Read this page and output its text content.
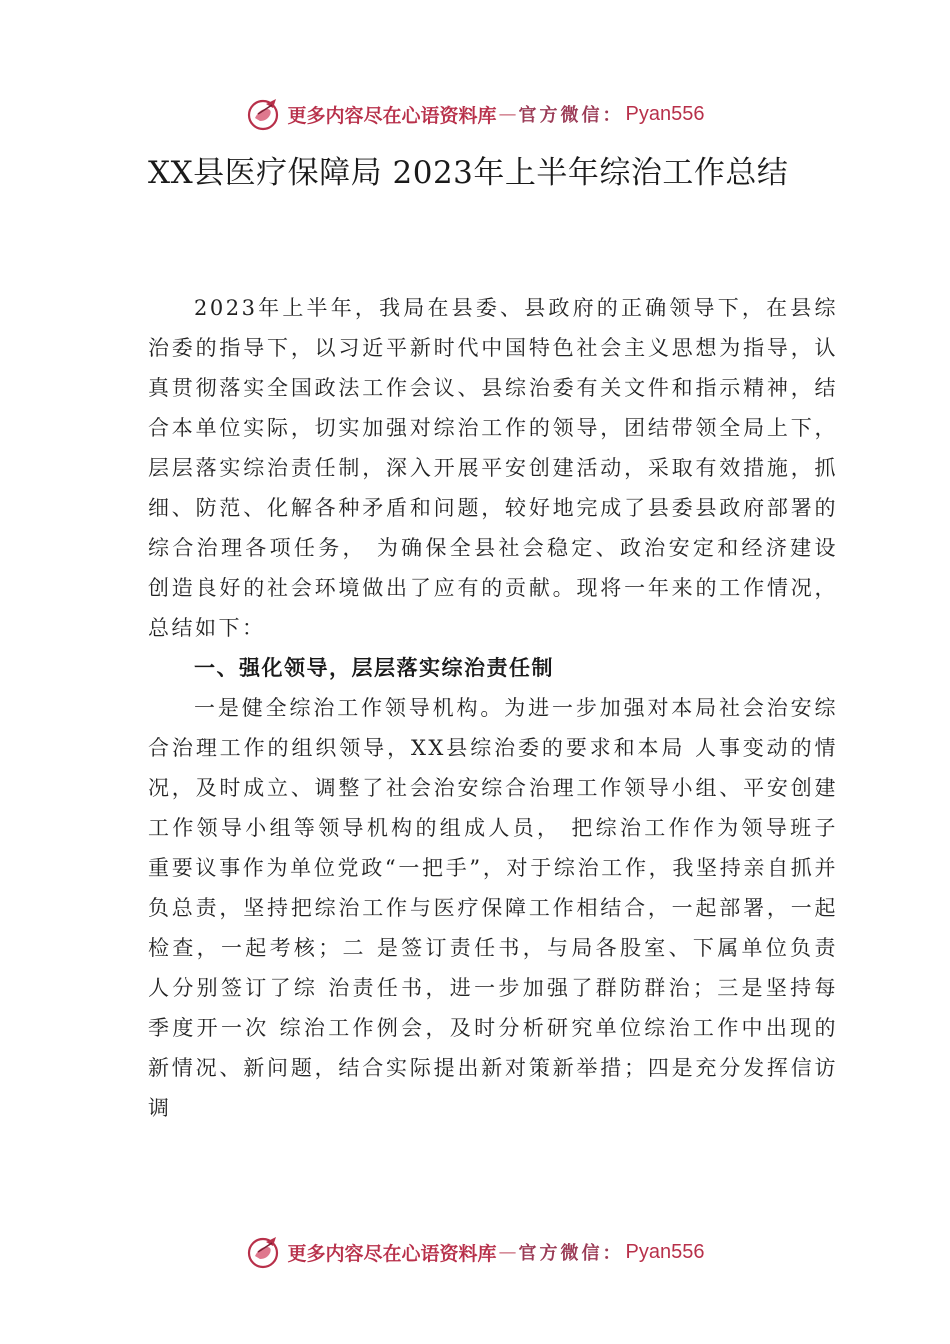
更多内容尽在心语资料库 — 官方微信： Pyan556
XX县医疗保障局 2023年上半年综治工作总结

2023年上半年，我局在县委、县政府的正确领导下，在县综治委的指导下，以习近平新时代中国特色社会主义思想为指导，认真贯彻落实全国政法工作会议、县综治委有关文件和指示精神，结合本单位实际，切实加强对综治工作的领导，团结带领全局上下，层层落实综治责任制，深入开展平安创建活动，采取有效措施，抓细、防范、化解各种矛盾和问题，较好地完成了县委县政府部署的综合治理各项任务， 为确保全县社会稳定、政治安定和经济建设创造良好的社会环境做出了应有的贡献。现将一年来的工作情况，总结如下：

一、强化领导，层层落实综治责任制

一是健全综治工作领导机构。为进一步加强对本局社会治安综合治理工作的组织领导，XX县综治委的要求和本局 人事变动的情况，及时成立、调整了社会治安综合治理工作领导小组、平安创建工作领导小组等领导机构的组成人员， 把综治工作作为领导班子重要议事作为单位党政“一把手”，对于综治工作，我坚持亲自抓并负总责，坚持把综治工作与医疗保障工作相结合，一起部署，一起检查，一起考核；二 是签订责任书，与局各股室、下属单位负责人分别签订了综 治责任书，进一步加强了群防群治；三是坚持每季度开一次 综治工作例会，及时分析研究单位综治工作中出现的新情况、新问题，结合实际提出新对策新举措；四是充分发挥信访调

更多内容尽在心语资料库 — 官方微信： Pyan556
